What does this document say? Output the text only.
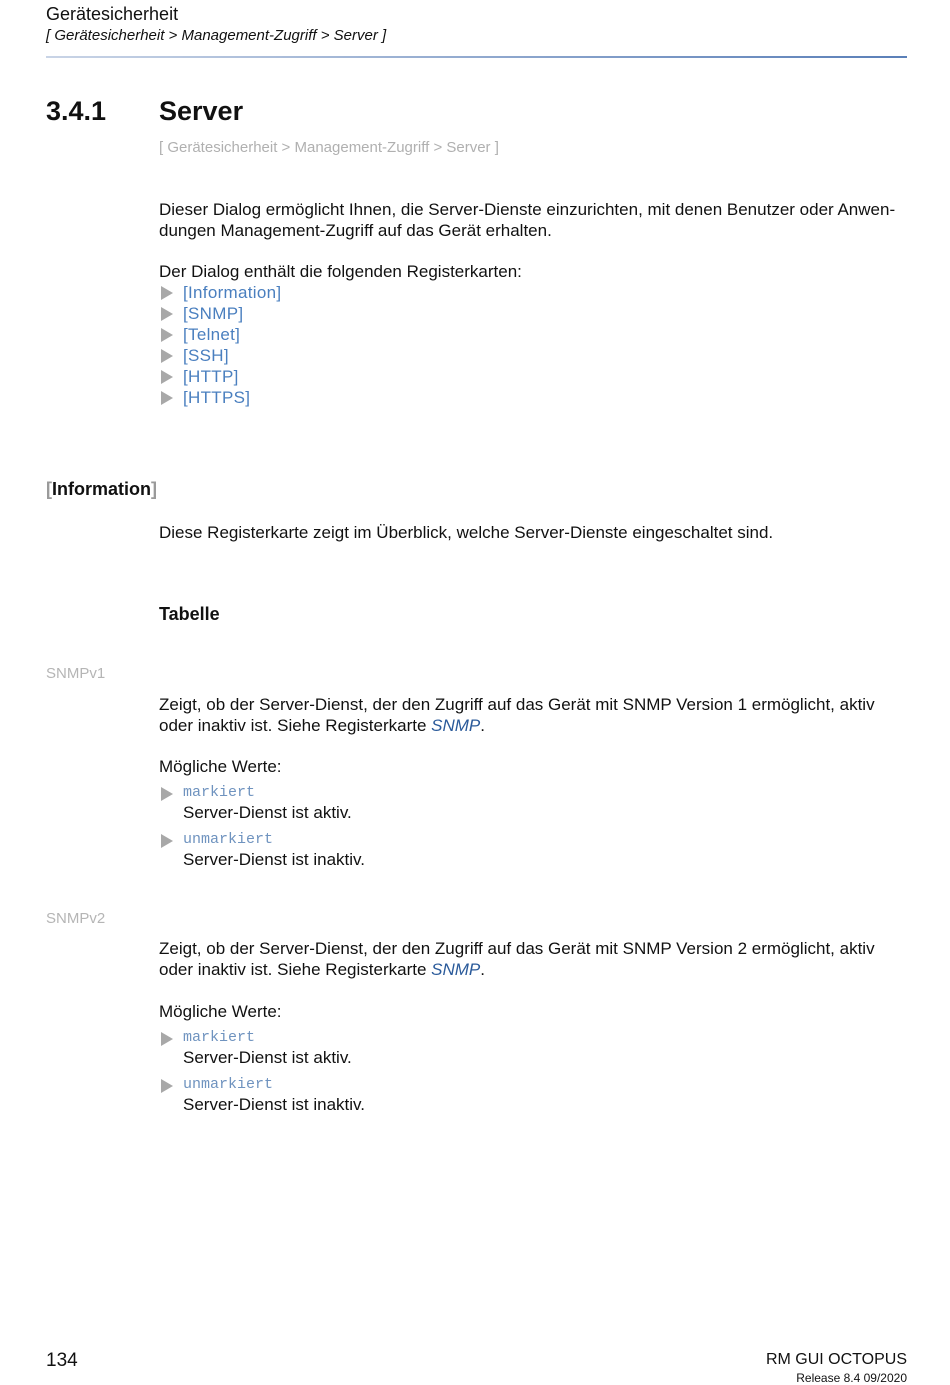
Gerätesicherheit
[ Gerätesicherheit > Management-Zugriff > Server ]
3.4.1 Server
[ Gerätesicherheit > Management-Zugriff > Server ]
Dieser Dialog ermöglicht Ihnen, die Server-Dienste einzurichten, mit denen Benutzer oder Anwen-
dungen Management-Zugriff auf das Gerät erhalten.
Der Dialog enthält die folgenden Registerkarten:
[Information]
[SNMP]
[Telnet]
[SSH]
[HTTP]
[HTTPS]
[Information]
Diese Registerkarte zeigt im Überblick, welche Server-Dienste eingeschaltet sind.
Tabelle
SNMPv1
Zeigt, ob der Server-Dienst, der den Zugriff auf das Gerät mit SNMP Version 1 ermöglicht, aktiv
oder inaktiv ist. Siehe Registerkarte SNMP.
Mögliche Werte:
markiert
Server-Dienst ist aktiv.
unmarkiert
Server-Dienst ist inaktiv.
SNMPv2
Zeigt, ob der Server-Dienst, der den Zugriff auf das Gerät mit SNMP Version 2 ermöglicht, aktiv
oder inaktiv ist. Siehe Registerkarte SNMP.
Mögliche Werte:
markiert
Server-Dienst ist aktiv.
unmarkiert
Server-Dienst ist inaktiv.
134	RM GUI OCTOPUS
Release 8.4 09/2020
